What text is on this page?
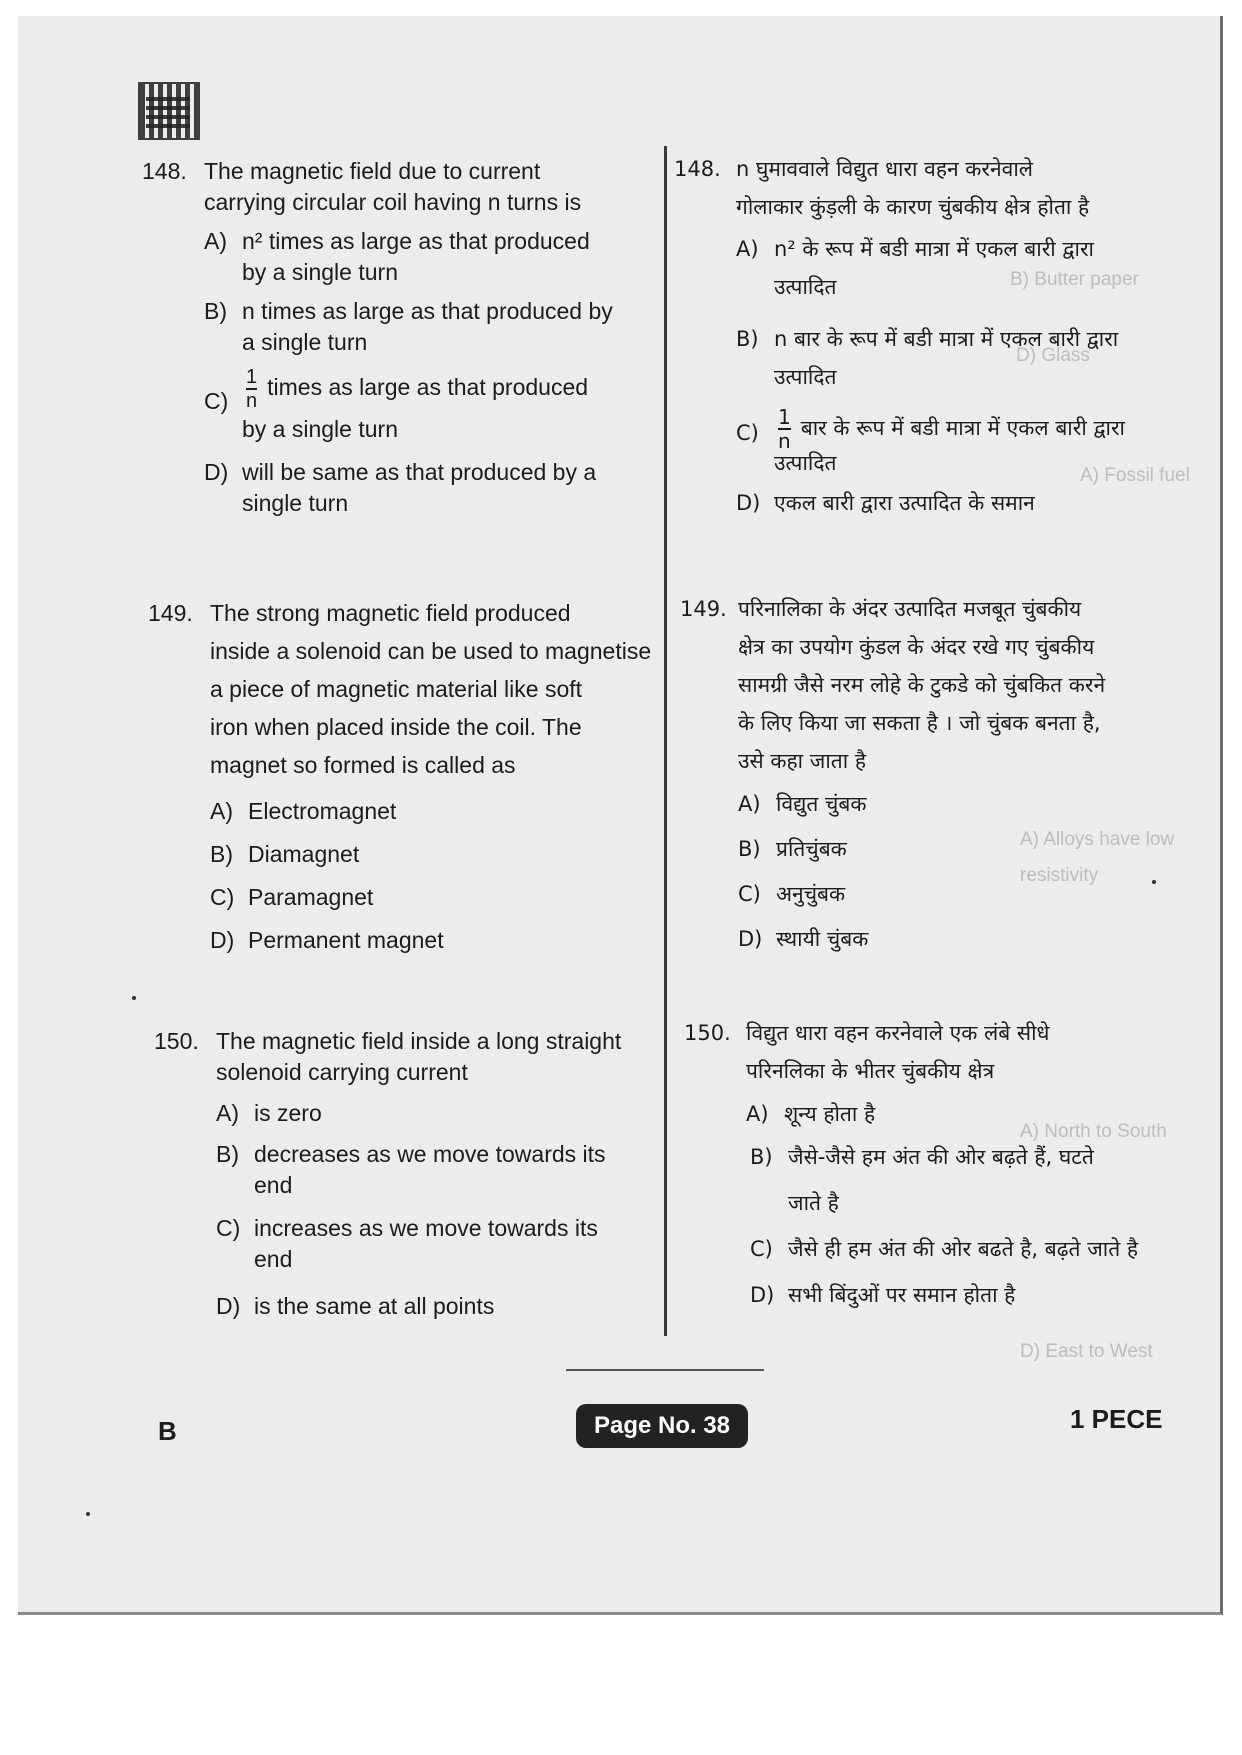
B) Butter paper
D) Glass
A) Fossil fuel
A) Alloys have low resistivity
A) North to South
D) East to West
148. The magnetic field due to current
carrying circular coil having n turns is
A) n² times as large as that produced
by a single turn
B) n times as large as that produced by
a single turn
$C) \frac{1}{n}$ times as large as that produced
by a single turn
D) will be same as that produced by a
single turn
149. The strong magnetic field produced
inside a solenoid can be used to magnetise
a piece of magnetic material like soft
iron when placed inside the coil. The
magnet so formed is called as
A) Electromagnet
B) Diamagnet
C) Paramagnet
D) Permanent magnet
150. The magnetic field inside a long straight
solenoid carrying current
A) is zero
B) decreases as we move towards its
end
C) increases as we move towards its
end
D) is the same at all points
148. n घुमाववाले विद्युत धारा वहन करनेवाले
गोलाकार कुंड़ली के कारण चुंबकीय क्षेत्र होता है
A) n² के रूप में बडी मात्रा में एकल बारी द्वारा
उत्पादित
B) n बार के रूप में बडी मात्रा में एकल बारी द्वारा
उत्पादित
$C) \frac{1}{n}$ बार के रूप में बडी मात्रा में एकल बारी द्वारा
उत्पादित
D) एकल बारी द्वारा उत्पादित के समान
149. परिनालिका के अंदर उत्पादित मजबूत चुंबकीय
क्षेत्र का उपयोग कुंडल के अंदर रखे गए चुंबकीय
सामग्री जैसे नरम लोहे के टुकडे को चुंबकित करने
के लिए किया जा सकता है । जो चुंबक बनता है,
उसे कहा जाता है
A) विद्युत चुंबक
B) प्रतिचुंबक
C) अनुचुंबक
D) स्थायी चुंबक
150. विद्युत धारा वहन करनेवाले एक लंबे सीधे
परिनलिका के भीतर चुंबकीय क्षेत्र
A) शून्य होता है
B) जैसे-जैसे हम अंत की ओर बढ़ते हैं, घटते
जाते है
C) जैसे ही हम अंत की ओर बढते है, बढ़ते जाते है
D) सभी बिंदुओं पर समान होता है
B	Page No. 38	1 PECE
